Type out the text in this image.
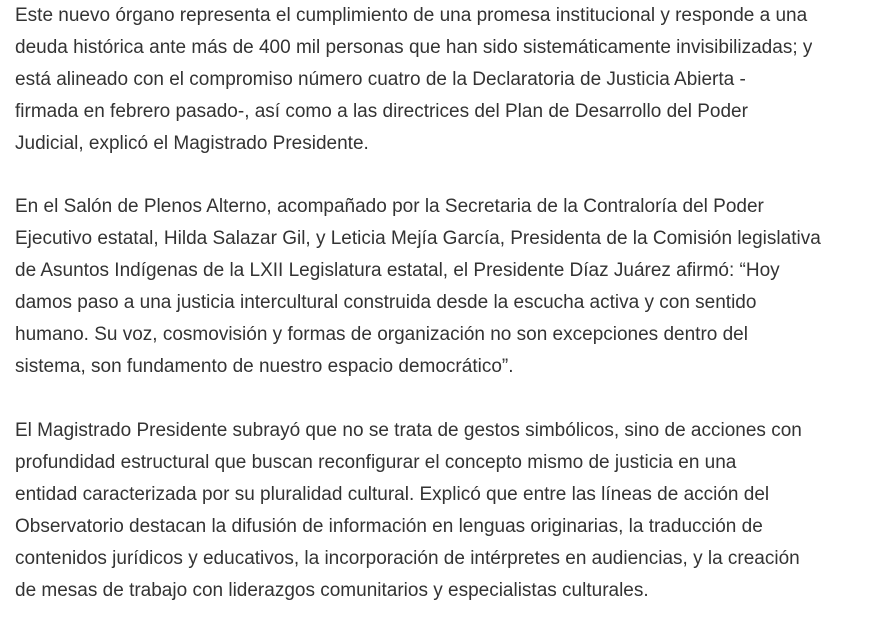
Este nuevo órgano representa el cumplimiento de una promesa institucional y responde a una
deuda histórica ante más de 400 mil personas que han sido sistemáticamente invisibilizadas; y
está alineado con el compromiso número cuatro de la Declaratoria de Justicia Abierta -
firmada en febrero pasado-, así como a las directrices del Plan de Desarrollo del Poder
Judicial, explicó el Magistrado Presidente.

En el Salón de Plenos Alterno, acompañado por la Secretaria de la Contraloría del Poder
Ejecutivo estatal, Hilda Salazar Gil, y Leticia Mejía García, Presidenta de la Comisión legislativa
de Asuntos Indígenas de la LXII Legislatura estatal, el Presidente Díaz Juárez afirmó: “Hoy
damos paso a una justicia intercultural construida desde la escucha activa y con sentido
humano. Su voz, cosmovisión y formas de organización no son excepciones dentro del
sistema, son fundamento de nuestro espacio democrático”.

El Magistrado Presidente subrayó que no se trata de gestos simbólicos, sino de acciones con
profundidad estructural que buscan reconfigurar el concepto mismo de justicia en una
entidad caracterizada por su pluralidad cultural. Explicó que entre las líneas de acción del
Observatorio destacan la difusión de información en lenguas originarias, la traducción de
contenidos jurídicos y educativos, la incorporación de intérpretes en audiencias, y la creación
de mesas de trabajo con liderazgos comunitarios y especialistas culturales.
